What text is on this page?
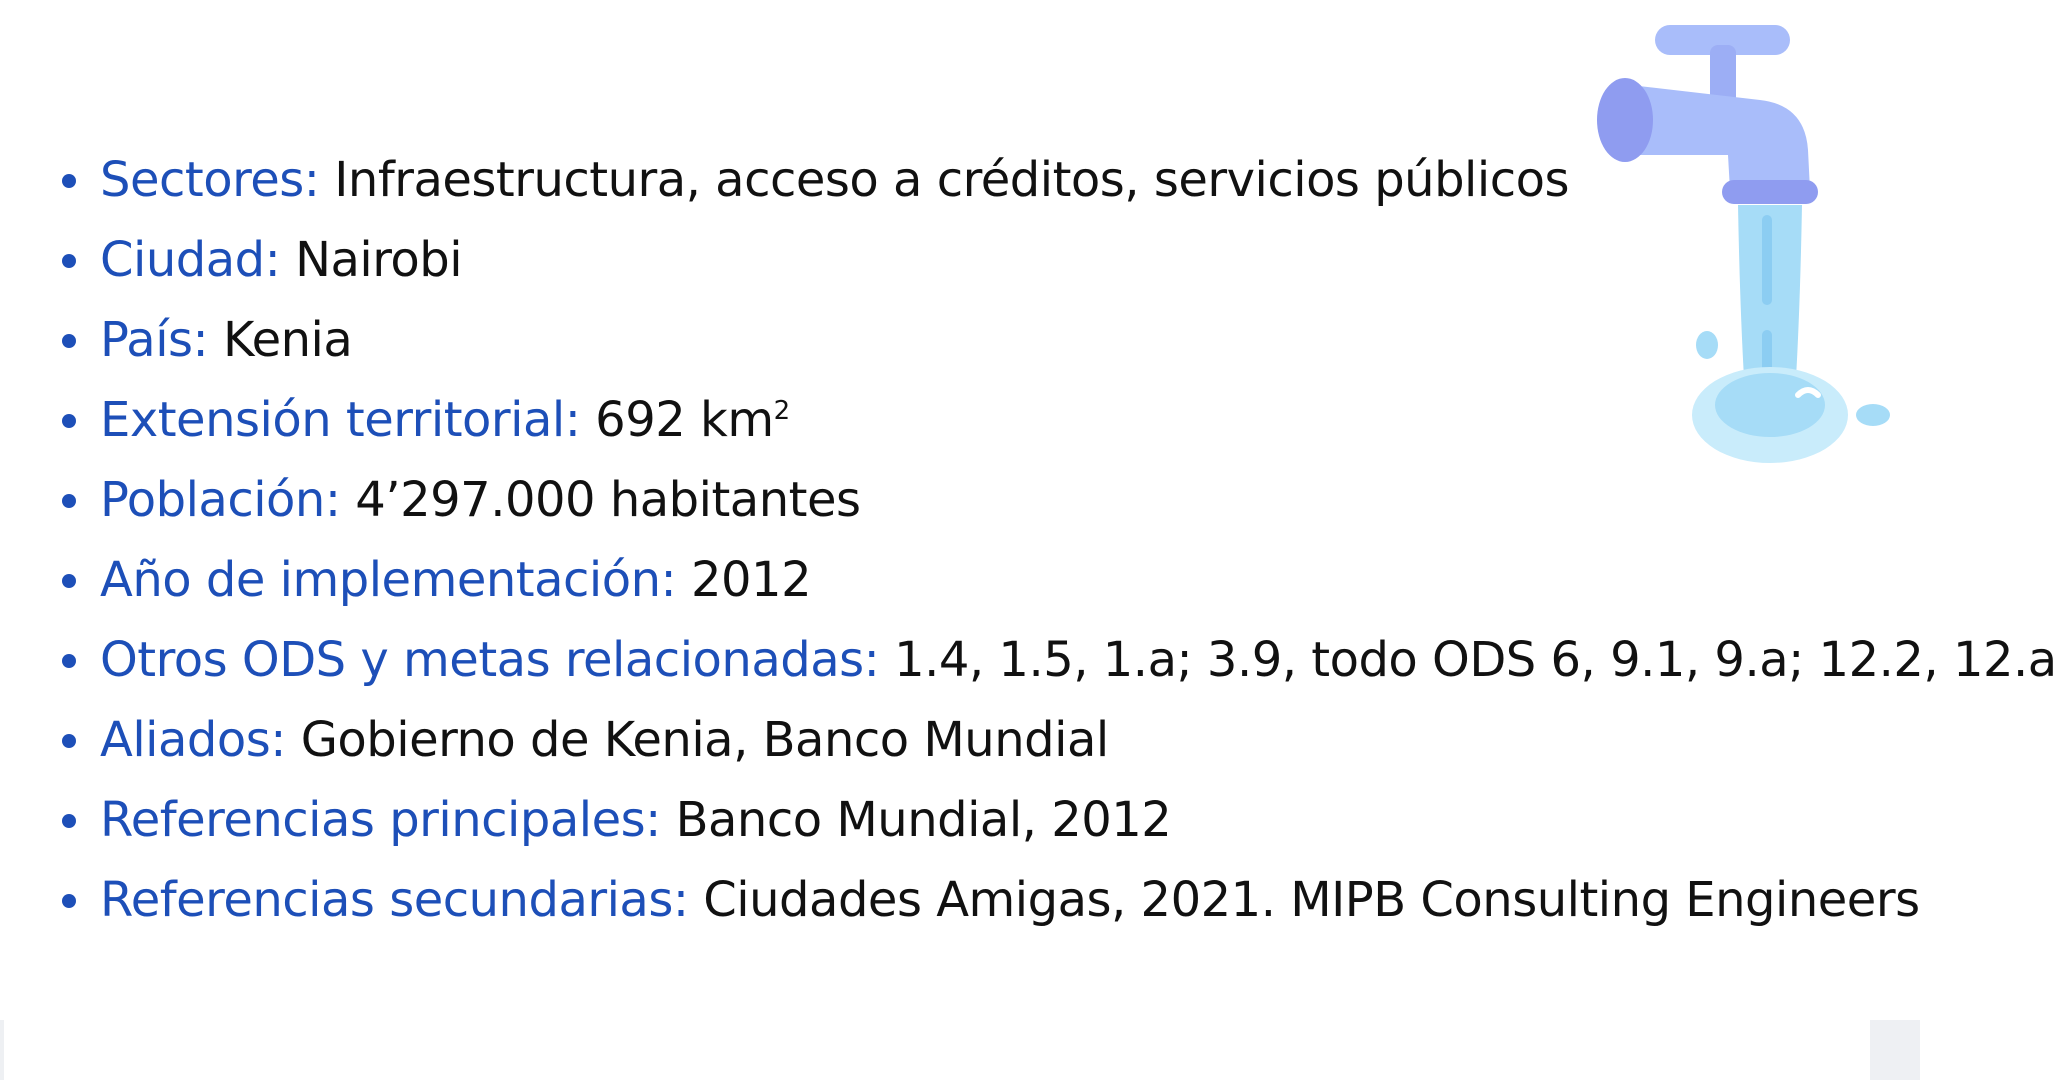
Sectores: Infraestructura, acceso a créditos, servicios públicos
Ciudad: Nairobi
País: Kenia
Extensión territorial: 692 $km^2$
Población: 4’297.000 habitantes
Año de implementación: 2012
Otros ODS y metas relacionadas: 1.4, 1.5, 1.a; 3.9, todo ODS 6, 9.1, 9.a; 12.2, 12.a
Aliados: Gobierno de Kenia, Banco Mundial
Referencias principales: Banco Mundial, 2012
Referencias secundarias: Ciudades Amigas, 2021. MIPB Consulting Engineers
